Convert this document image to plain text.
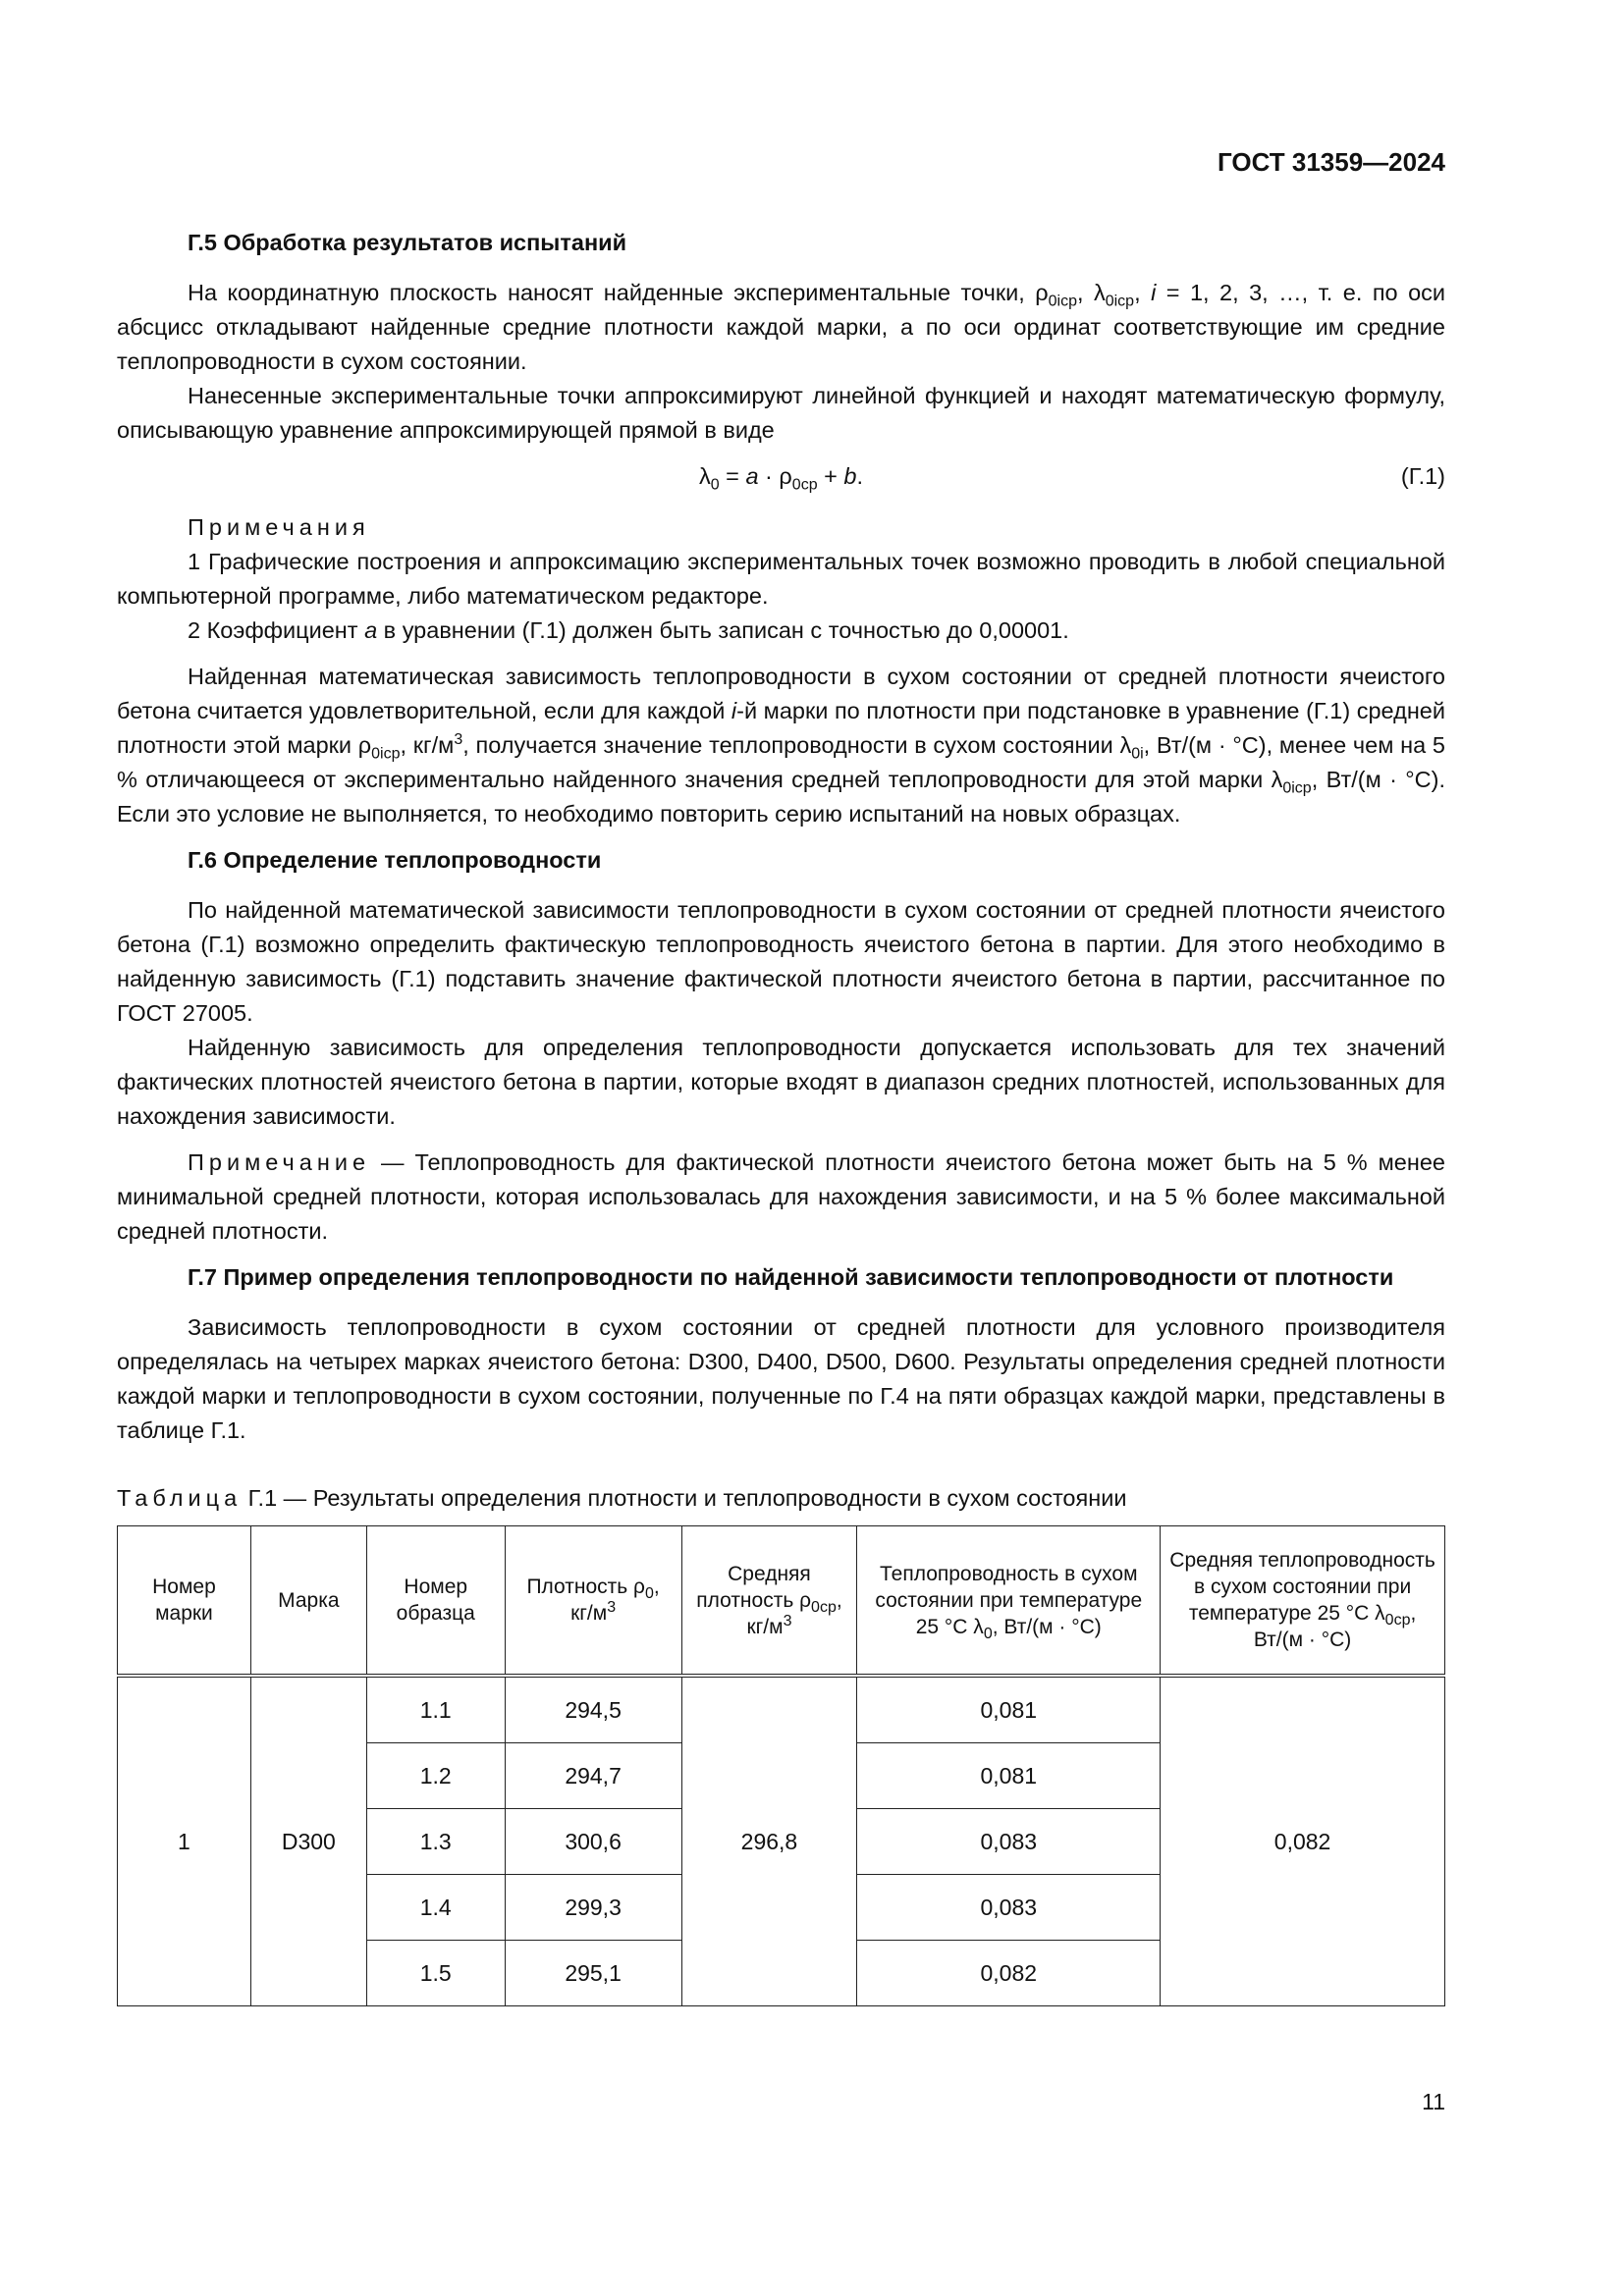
ГОСТ 31359—2024
Г.5 Обработка результатов испытаний

На координатную плоскость наносят найденные экспериментальные точки, $\rho_{0iср}$, $\lambda_{0iср}$, i = 1, 2, 3, …, т. е. по оси абсцисс откладывают найденные средние плотности каждой марки, а по оси ординат соответствующие им средние теплопроводности в сухом состоянии.

Нанесенные экспериментальные точки аппроксимируют линейной функцией и находят математическую формулу, описывающую уравнение аппроксимирующей прямой в виде

$\lambda_0 = a \cdot \rho_{0ср} + b$.	(Г.1)

Примечания

1 Графические построения и аппроксимацию экспериментальных точек возможно проводить в любой специальной компьютерной программе, либо математическом редакторе.

2 Коэффициент a в уравнении (Г.1) должен быть записан с точностью до 0,00001.

Найденная математическая зависимость теплопроводности в сухом состоянии от средней плотности ячеистого бетона считается удовлетворительной, если для каждой i-й марки по плотности при подстановке в уравнение (Г.1) средней плотности этой марки $\rho_{0iср}$, $кг/м^3$, получается значение теплопроводности в сухом состоянии $\lambda_{0i}$, Вт/(м · °С), менее чем на 5 % отличающееся от экспериментально найденного значения средней теплопроводности для этой марки $\lambda_{0iср}$, Вт/(м · °С). Если это условие не выполняется, то необходимо повторить серию испытаний на новых образцах.

Г.6 Определение теплопроводности

По найденной математической зависимости теплопроводности в сухом состоянии от средней плотности ячеистого бетона (Г.1) возможно определить фактическую теплопроводность ячеистого бетона в партии. Для этого необходимо в найденную зависимость (Г.1) подставить значение фактической плотности ячеистого бетона в партии, рассчитанное по ГОСТ 27005.

Найденную зависимость для определения теплопроводности допускается использовать для тех значений фактических плотностей ячеистого бетона в партии, которые входят в диапазон средних плотностей, использованных для нахождения зависимости.

Примечание — Теплопроводность для фактической плотности ячеистого бетона может быть на 5 % менее минимальной средней плотности, которая использовалась для нахождения зависимости, и на 5 % более максимальной средней плотности.

Г.7 Пример определения теплопроводности по найденной зависимости теплопроводности от плотности

Зависимость теплопроводности в сухом состоянии от средней плотности для условного производителя определялась на четырех марках ячеистого бетона: D300, D400, D500, D600. Результаты определения средней плотности каждой марки и теплопроводности в сухом состоянии, полученные по Г.4 на пяти образцах каждой марки, представлены в таблице Г.1.

Таблица Г.1 — Результаты определения плотности и теплопроводности в сухом состоянии

Номер марки	Марка	Номер образца	Плотность $\rho_0$, $кг/м^3$	Средняя плотность $\rho_{0ср}$, $кг/м^3$	Теплопроводность в сухом состоянии при температуре 25 °С $\lambda_0$, Вт/(м · °С)	Средняя теплопроводность в сухом состоянии при температуре 25 °С $\lambda_{0ср}$, Вт/(м · °С)
1	D300	1.1	294,5	296,8	0,081	0,082
		1.2	294,7		0,081	
		1.3	300,6		0,083	
		1.4	299,3		0,083	
		1.5	295,1		0,082	
11
